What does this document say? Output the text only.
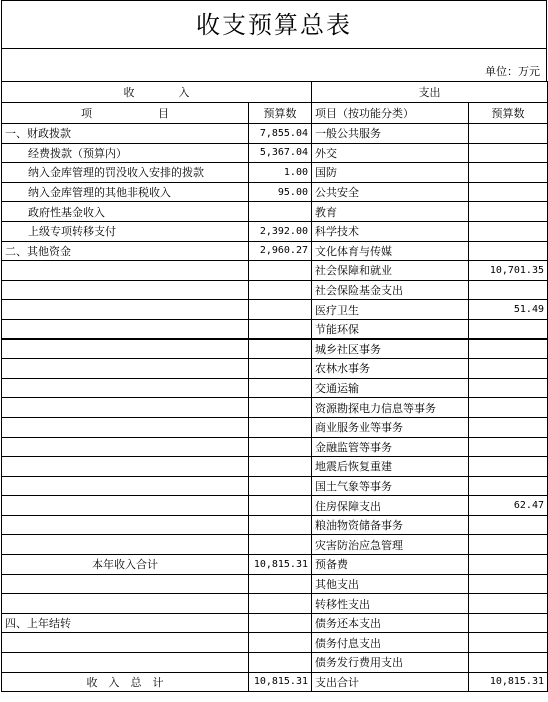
收支预算总表
单位：万元
收　　　　入		支出	
项　　　　　　目	预算数	项目（按功能分类）	预算数
一、财政拨款	7,855.04	一般公共服务	
经费拨款（预算内）	5,367.04	外交	
纳入金库管理的罚没收入安排的拨款	1.00	国防	
纳入金库管理的其他非税收入	95.00	公共安全	
政府性基金收入		教育	
上级专项转移支付	2,392.00	科学技术	
二、其他资金	2,960.27	文化体育与传媒	
		社会保障和就业	10,701.35
		社会保险基金支出	
		医疗卫生	51.49
		节能环保	
		城乡社区事务	
		农林水事务	
		交通运输	
		资源勘探电力信息等事务	
		商业服务业等事务	
		金融监管等事务	
		地震后恢复重建	
		国土气象等事务	
		住房保障支出	62.47
		粮油物资储备事务	
		灾害防治应急管理	
本年收入合计	10,815.31	预备费	
		其他支出	
		转移性支出	
四、上年结转		债务还本支出	
		债务付息支出	
		债务发行费用支出	
收　入　总　计	10,815.31	支出合计	10,815.31
